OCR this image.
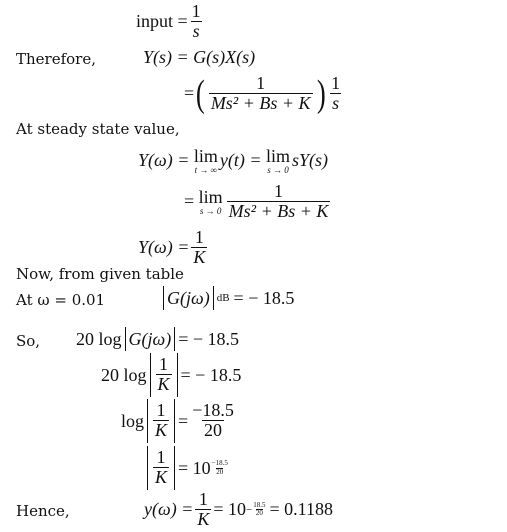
input = $\frac{1}{s}$
Therefore,	Y(s) = G(s)X(s)
= ( $\frac{1}{\text{Ms² + Bs + K}}$ ) $\frac{1}{s}$
At steady state value,
Y(ω) =
lim
t → ∞ y(t) =
lim
s → 0 sY(s)
=
lim
$s \to 0 \frac{1}{\text{Ms² + Bs + K}}$
$Y(\omega) = \frac{1}{K}$
Now, from given table
At ω = 0.01	G(jω) dB = − 18.5
So, 20 log G(jω) = − 18.5
20 $\log \frac{1}{K}$ = − 18.5
$\log \frac{1}{K} = \frac{-18.5}{20}$
$\frac{1}{K} = 10 \frac{-18.5}{20}$
Hence,	$y(\omega) = \frac{1}{K} = 10 - \frac{18.5}{20} = 0.1188$
